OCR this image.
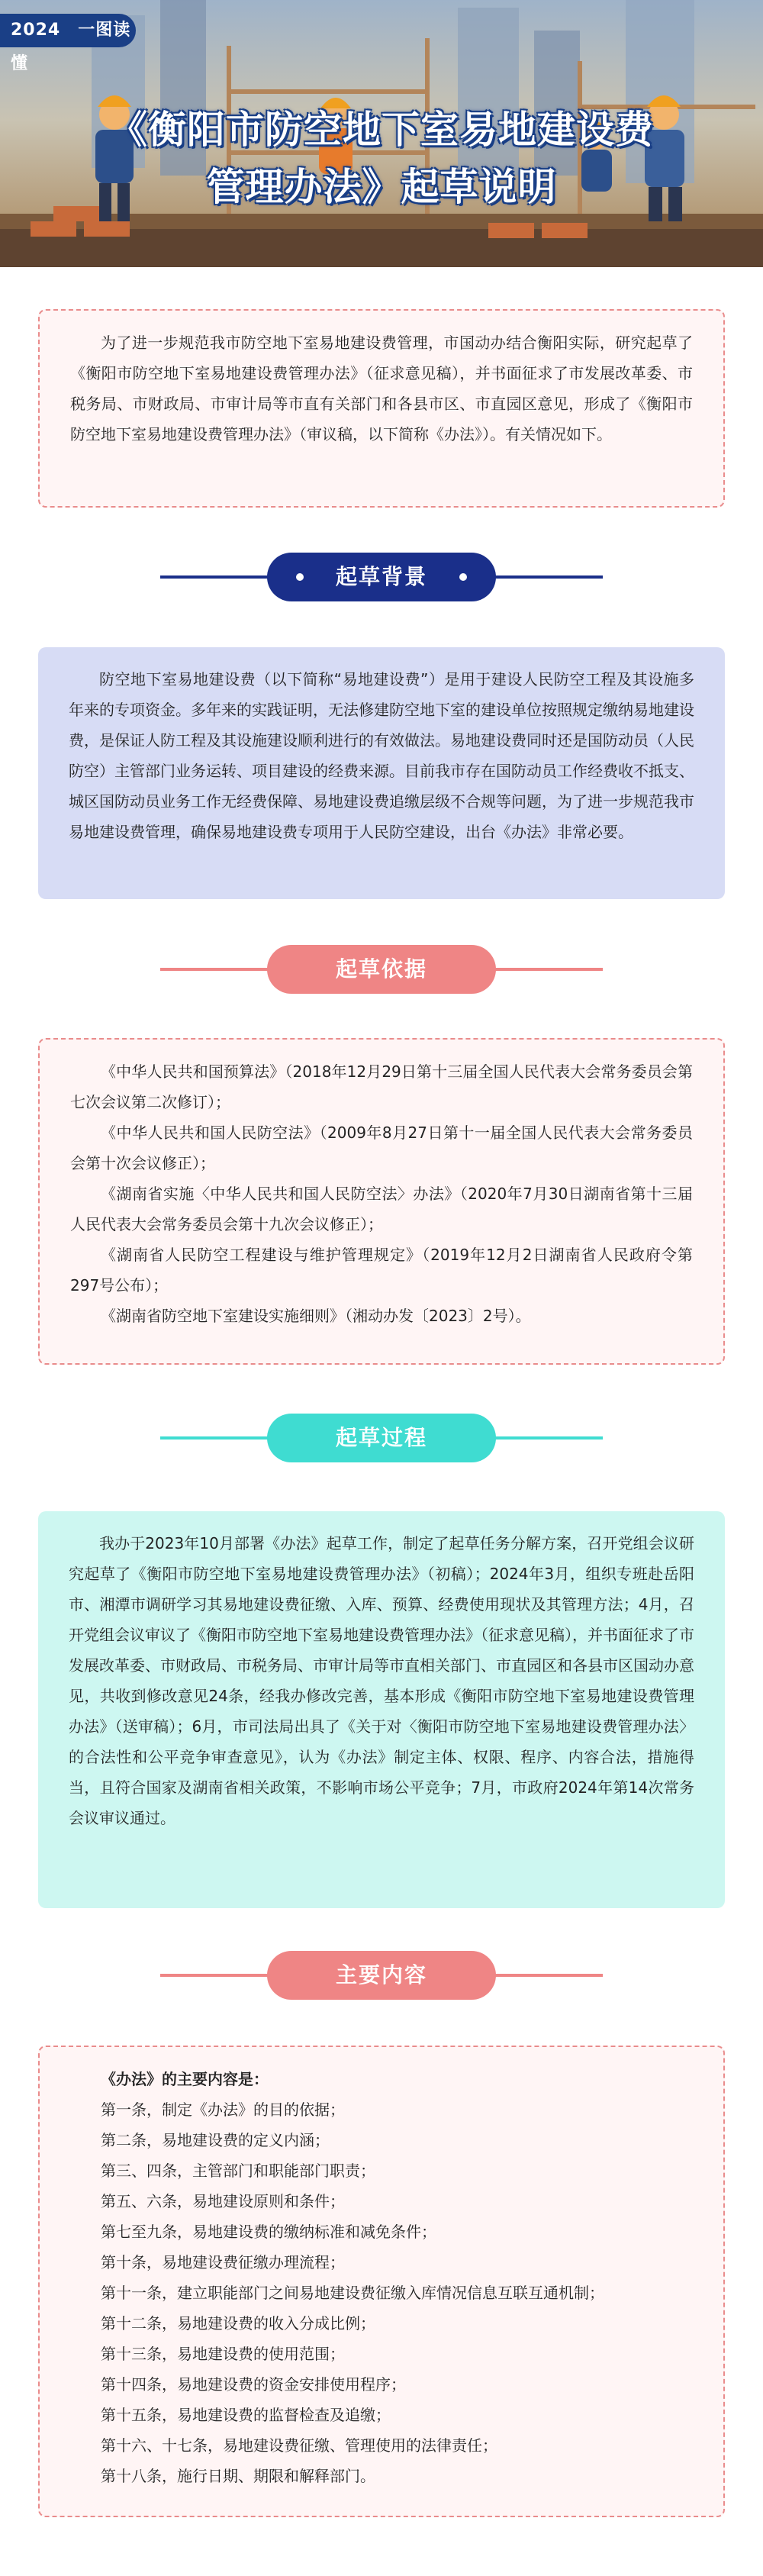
2024　一图读懂
《衡阳市防空地下室易地建设费
管理办法》起草说明

为了进一步规范我市防空地下室易地建设费管理，市国动办结合衡阳实际，研究起草了《衡阳市防空地下室易地建设费管理办法》（征求意见稿），并书面征求了市发展改革委、市税务局、市财政局、市审计局等市直有关部门和各县市区、市直园区意见，形成了《衡阳市防空地下室易地建设费管理办法》（审议稿，以下简称《办法》）。有关情况如下。

起草背景

防空地下室易地建设费（以下简称“易地建设费”）是用于建设人民防空工程及其设施多年来的专项资金。多年来的实践证明，无法修建防空地下室的建设单位按照规定缴纳易地建设费，是保证人防工程及其设施建设顺利进行的有效做法。易地建设费同时还是国防动员（人民防空）主管部门业务运转、项目建设的经费来源。目前我市存在国防动员工作经费收不抵支、城区国防动员业务工作无经费保障、易地建设费追缴层级不合规等问题，为了进一步规范我市易地建设费管理，确保易地建设费专项用于人民防空建设，出台《办法》非常必要。

起草依据
《中华人民共和国预算法》（2018年12月29日第十三届全国人民代表大会常务委员会第七次会议第二次修订）；
《中华人民共和国人民防空法》（2009年8月27日第十一届全国人民代表大会常务委员会第十次会议修正）；
《湖南省实施〈中华人民共和国人民防空法〉办法》（2020年7月30日湖南省第十三届人民代表大会常务委员会第十九次会议修正）；
《湖南省人民防空工程建设与维护管理规定》（2019年12月2日湖南省人民政府令第297号公布）；
《湖南省防空地下室建设实施细则》（湘动办发〔2023〕2号）。
起草过程

我办于2023年10月部署《办法》起草工作，制定了起草任务分解方案，召开党组会议研究起草了《衡阳市防空地下室易地建设费管理办法》（初稿）；2024年3月，组织专班赴岳阳市、湘潭市调研学习其易地建设费征缴、入库、预算、经费使用现状及其管理方法；4月，召开党组会议审议了《衡阳市防空地下室易地建设费管理办法》（征求意见稿），并书面征求了市发展改革委、市财政局、市税务局、市审计局等市直相关部门、市直园区和各县市区国动办意见，共收到修改意见24条，经我办修改完善，基本形成《衡阳市防空地下室易地建设费管理办法》（送审稿）；6月，市司法局出具了《关于对〈衡阳市防空地下室易地建设费管理办法〉的合法性和公平竞争审查意见》，认为《办法》制定主体、权限、程序、内容合法，措施得当，且符合国家及湖南省相关政策，不影响市场公平竞争；7月，市政府2024年第14次常务会议审议通过。

主要内容
《办法》的主要内容是：
第一条，制定《办法》的目的依据；
第二条，易地建设费的定义内涵；
第三、四条，主管部门和职能部门职责；
第五、六条，易地建设原则和条件；
第七至九条，易地建设费的缴纳标准和减免条件；
第十条，易地建设费征缴办理流程；
第十一条，建立职能部门之间易地建设费征缴入库情况信息互联互通机制；
第十二条，易地建设费的收入分成比例；
第十三条，易地建设费的使用范围；
第十四条，易地建设费的资金安排使用程序；
第十五条，易地建设费的监督检查及追缴；
第十六、十七条，易地建设费征缴、管理使用的法律责任；
第十八条，施行日期、期限和解释部门。
